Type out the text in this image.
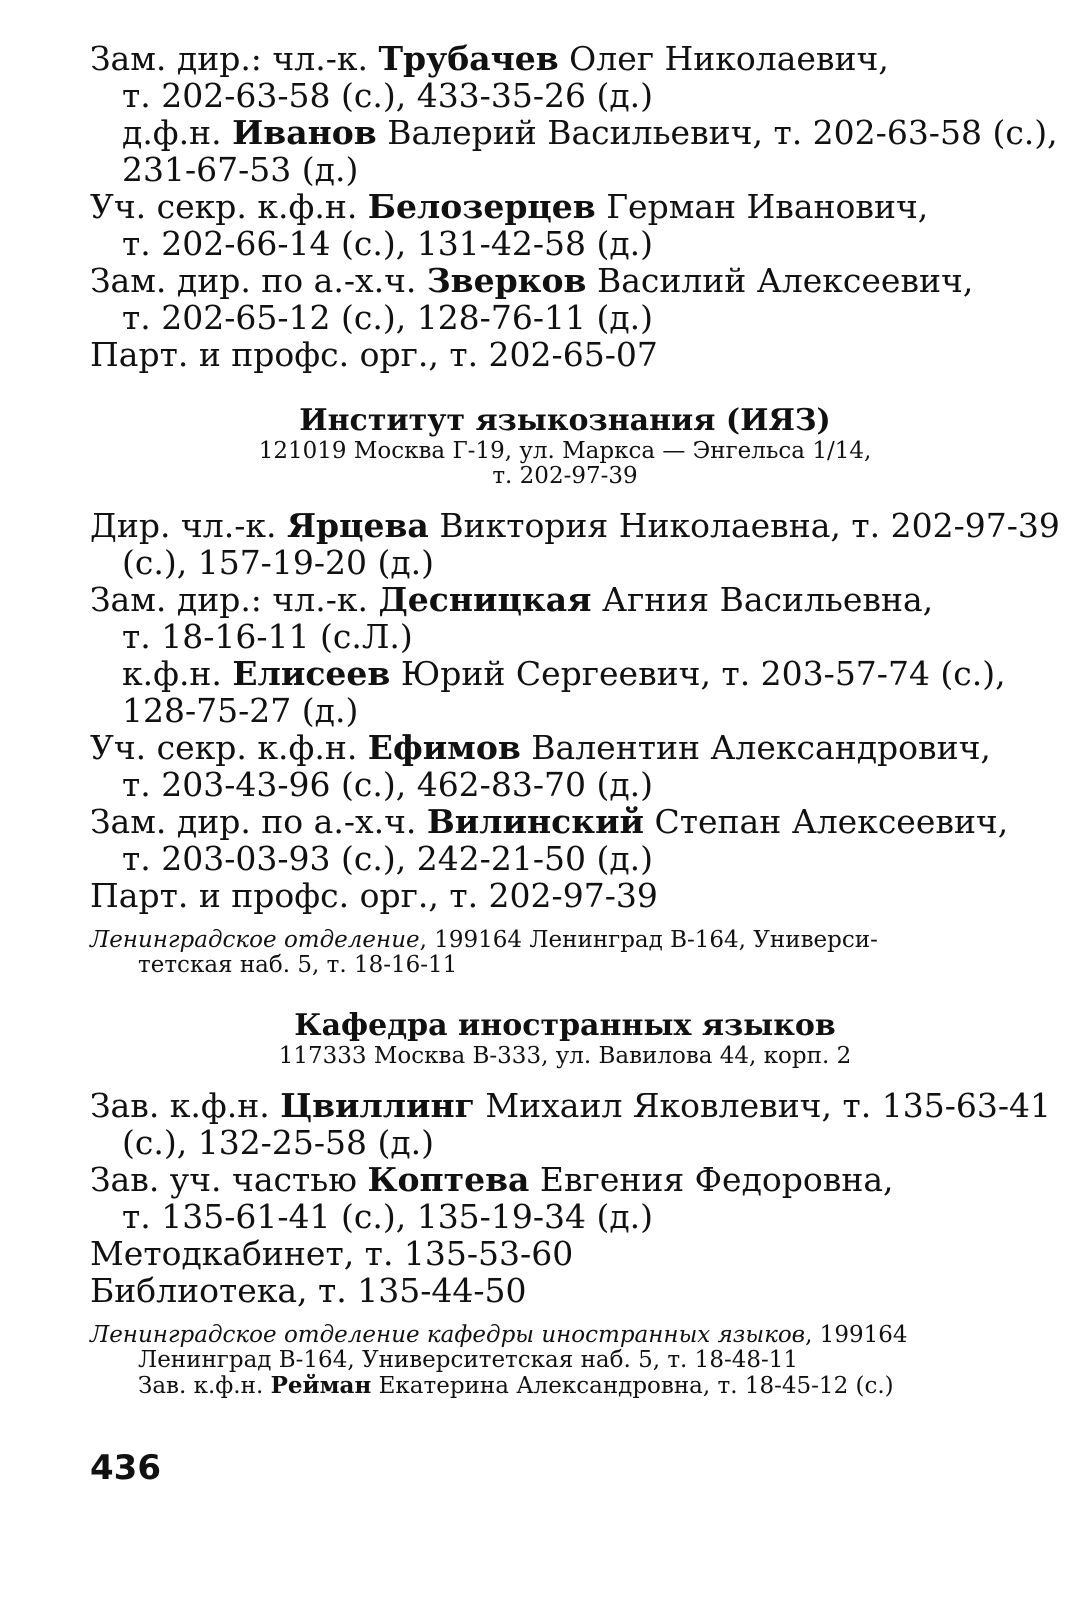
Зам. дир.: чл.-к. Трубачев Олег Николаевич,
т. 202-63-58 (с.), 433-35-26 (д.)
д.ф.н. Иванов Валерий Васильевич, т. 202-63-58 (с.),
231-67-53 (д.)
Уч. секр. к.ф.н. Белозерцев Герман Иванович,
т. 202-66-14 (с.), 131-42-58 (д.)
Зам. дир. по а.-х.ч. Зверков Василий Алексеевич,
т. 202-65-12 (с.), 128-76-11 (д.)
Парт. и профс. орг., т. 202-65-07
Институт языкознания (ИЯЗ)
121019 Москва Г-19, ул. Маркса — Энгельса 1/14,
т. 202-97-39
Дир. чл.-к. Ярцева Виктория Николаевна, т. 202-97-39
(с.), 157-19-20 (д.)
Зам. дир.: чл.-к. Десницкая Агния Васильевна,
т. 18-16-11 (с.Л.)
к.ф.н. Елисеев Юрий Сергеевич, т. 203-57-74 (с.),
128-75-27 (д.)
Уч. секр. к.ф.н. Ефимов Валентин Александрович,
т. 203-43-96 (с.), 462-83-70 (д.)
Зам. дир. по а.-х.ч. Вилинский Степан Алексеевич,
т. 203-03-93 (с.), 242-21-50 (д.)
Парт. и профс. орг., т. 202-97-39
Ленинградское отделение, 199164 Ленинград В-164, Универси-
тетская наб. 5, т. 18-16-11
Кафедра иностранных языков
117333 Москва В-333, ул. Вавилова 44, корп. 2
Зав. к.ф.н. Цвиллинг Михаил Яковлевич, т. 135-63-41
(с.), 132-25-58 (д.)
Зав. уч. частью Коптева Евгения Федоровна,
т. 135-61-41 (с.), 135-19-34 (д.)
Методкабинет, т. 135-53-60
Библиотека, т. 135-44-50
Ленинградское отделение кафедры иностранных языков, 199164
Ленинград В-164, Университетская наб. 5, т. 18-48-11
Зав. к.ф.н. Рейман Екатерина Александровна, т. 18-45-12 (с.)
436
